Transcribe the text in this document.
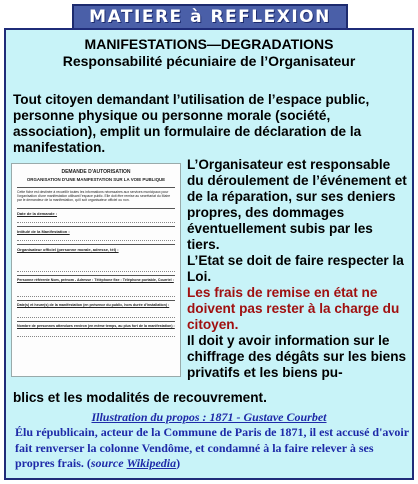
MATIERE à REFLEXION
MANIFESTATIONS—DEGRADATIONS
Responsabilité pécuniaire de l’Organisateur
Tout citoyen demandant l’utilisation de l’espace public, personne physique ou personne morale (société, association), emplit un formulaire de déclaration de la manifestation.
DEMANDE D'AUTORISATION
ORGANISATION D'UNE MANIFESTATION SUR LA VOIE PUBLIQUE
Cette fiche est destinée à recueillir toutes les informations nécessaires aux services municipaux pour l'organisation d'une manifestation utilisant l'espace public. Elle doit être remise au secrétariat du Maire par le demandeur de la manifestation, qu'il soit organisateur officiel ou non.
Date de la demande :
Intitulé de la Manifestation :
Organisateur officiel (personne morale, adresse, tél) :
Personne référente Nom, prénom - Adresse : Téléphone fixe : Téléphone portable, Courriel :
Date(s) et heure(s) de la manifestation (en présence du public, hors durée d'installation) :
Nombre de personnes attendues environ (en même temps, au plus fort de la manifestation) :
L’Organisateur est responsable du déroulement de l’événement et de la réparation, sur ses deniers propres, des dommages éventuellement subis par les tiers.
L’Etat se doit de faire respecter la Loi.
Les frais de remise en état ne doivent pas rester à la charge du citoyen.
Il doit y avoir information sur le chiffrage des dégâts sur les biens privatifs et les biens pu-
blics et les modalités de recouvrement.
Illustration du propos : 1871 - Gustave Courbet
Élu républicain, acteur de la Commune de Paris de 1871, il est accusé d'avoir fait renverser la colonne Vendôme, et condamné à la faire relever à ses propres frais. (source Wikipedia)
